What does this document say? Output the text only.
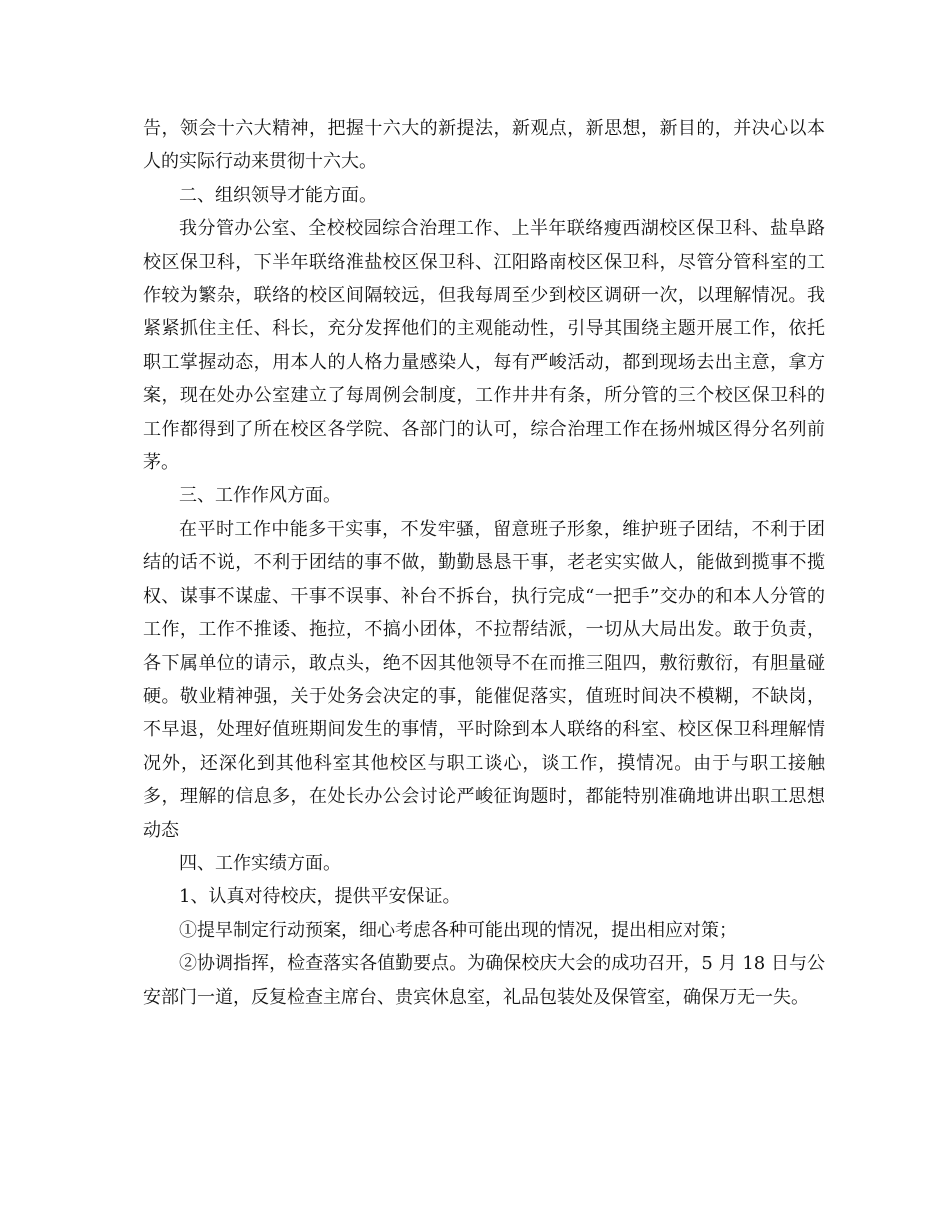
告，领会十六大精神，把握十六大的新提法，新观点，新思想，新目的，并决心以本人的实际行动来贯彻十六大。

二、组织领导才能方面。

我分管办公室、全校校园综合治理工作、上半年联络瘦西湖校区保卫科、盐阜路校区保卫科，下半年联络淮盐校区保卫科、江阳路南校区保卫科，尽管分管科室的工作较为繁杂，联络的校区间隔较远，但我每周至少到校区调研一次，以理解情况。我紧紧抓住主任、科长，充分发挥他们的主观能动性，引导其围绕主题开展工作，依托职工掌握动态，用本人的人格力量感染人，每有严峻活动，都到现场去出主意，拿方案，现在处办公室建立了每周例会制度，工作井井有条，所分管的三个校区保卫科的工作都得到了所在校区各学院、各部门的认可，综合治理工作在扬州城区得分名列前茅。

三、工作作风方面。

在平时工作中能多干实事，不发牢骚，留意班子形象，维护班子团结，不利于团结的话不说，不利于团结的事不做，勤勤恳恳干事，老老实实做人，能做到揽事不揽权、谋事不谋虚、干事不误事、补台不拆台，执行完成“一把手”交办的和本人分管的工作，工作不推诿、拖拉，不搞小团体，不拉帮结派，一切从大局出发。敢于负责，各下属单位的请示，敢点头，绝不因其他领导不在而推三阻四，敷衍敷衍，有胆量碰硬。敬业精神强，关于处务会决定的事，能催促落实，值班时间决不模糊，不缺岗，不早退，处理好值班期间发生的事情，平时除到本人联络的科室、校区保卫科理解情况外，还深化到其他科室其他校区与职工谈心，谈工作，摸情况。由于与职工接触多，理解的信息多，在处长办公会讨论严峻征询题时，都能特别准确地讲出职工思想动态

四、工作实绩方面。

1、认真对待校庆，提供平安保证。

①提早制定行动预案，细心考虑各种可能出现的情况，提出相应对策；

②协调指挥，检查落实各值勤要点。为确保校庆大会的成功召开，5 月 18 日与公安部门一道，反复检查主席台、贵宾休息室，礼品包装处及保管室，确保万无一失。
